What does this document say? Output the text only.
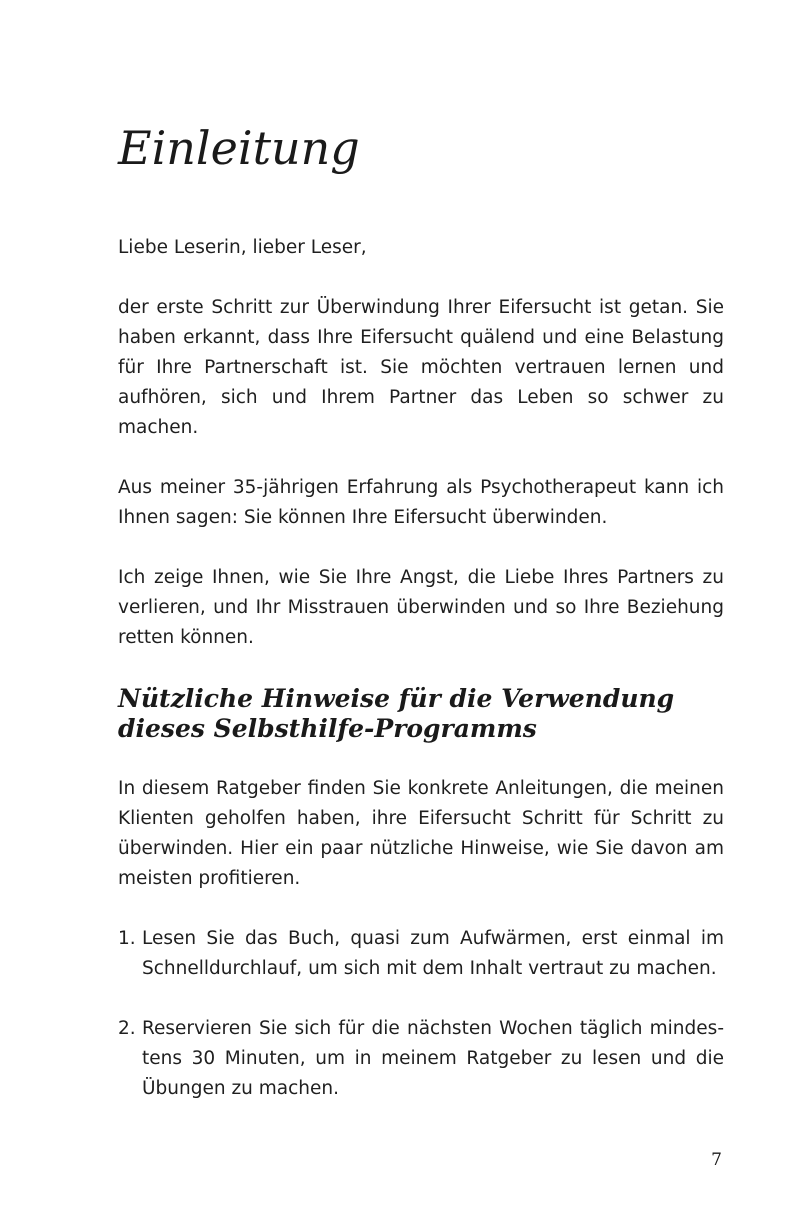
Einleitung

Liebe Leserin, lieber Leser,

der erste Schritt zur Überwindung Ihrer Eifersucht ist getan. Sie haben erkannt, dass Ihre Eifersucht quälend und eine Belastung für Ihre Partnerschaft ist. Sie möchten vertrauen lernen und aufhören, sich und Ihrem Partner das Leben so schwer zu machen.

Aus meiner 35-jährigen Erfahrung als Psychotherapeut kann ich Ihnen sagen: Sie können Ihre Eifersucht überwinden.

Ich zeige Ihnen, wie Sie Ihre Angst, die Liebe Ihres Partners zu verlieren, und Ihr Misstrauen überwinden und so Ihre Beziehung retten können.

Nützliche Hinweise für die Verwendung dieses Selbsthilfe-Programms

In diesem Ratgeber finden Sie konkrete Anleitungen, die meinen Klienten geholfen haben, ihre Eifersucht Schritt für Schritt zu überwinden. Hier ein paar nützliche Hinweise, wie Sie davon am meisten profitieren.

1. Lesen Sie das Buch, quasi zum Aufwärmen, erst einmal im Schnelldurchlauf, um sich mit dem Inhalt vertraut zu machen.
2. Reservieren Sie sich für die nächsten Wochen täglich mindestens 30 Minuten, um in meinem Ratgeber zu lesen und die Übungen zu machen.
7
